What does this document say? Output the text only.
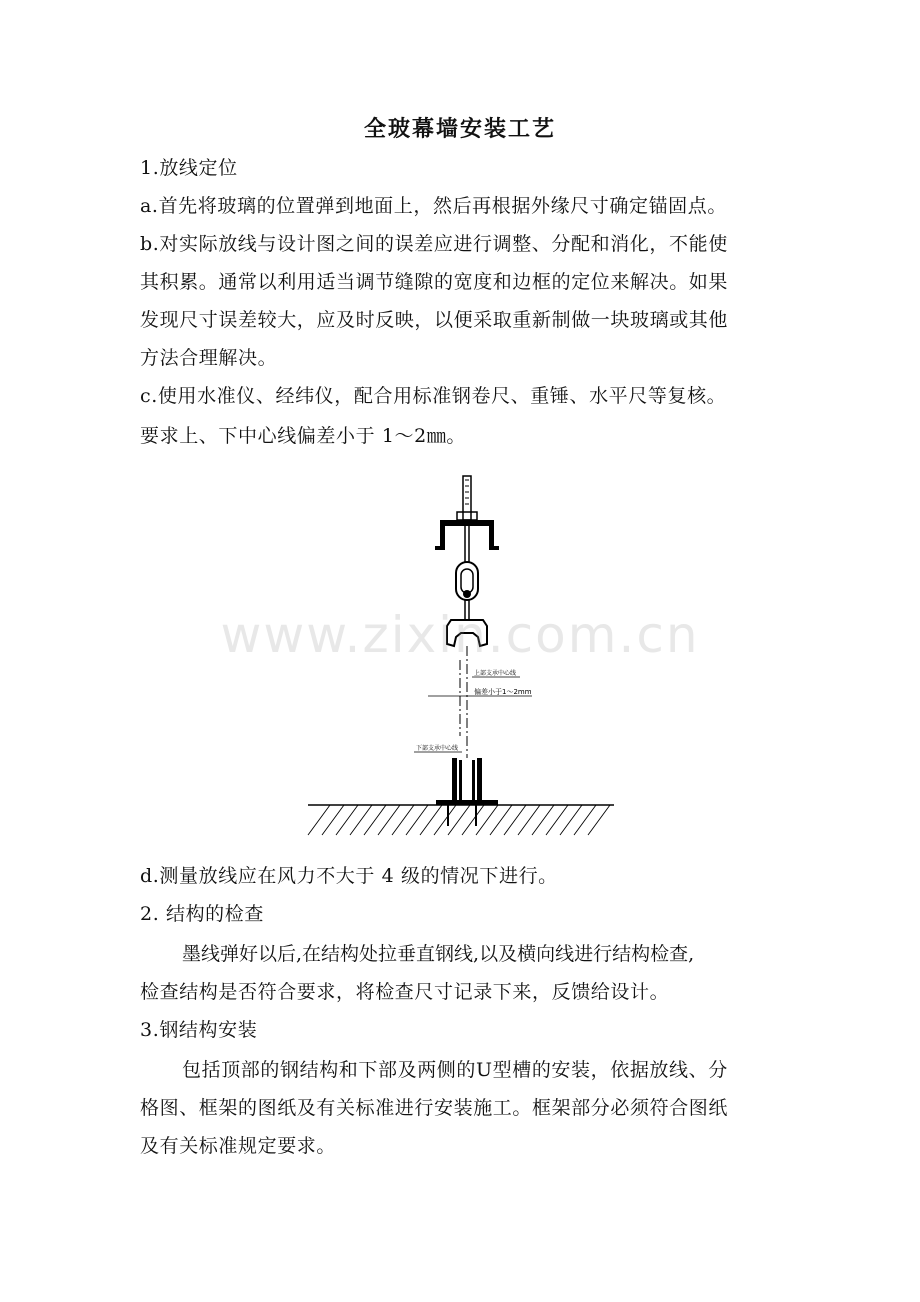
全玻幕墙安装工艺
1.放线定位
a.首先将玻璃的位置弹到地面上，然后再根据外缘尺寸确定锚固点。
b.对实际放线与设计图之间的误差应进行调整、分配和消化，不能使
其积累。通常以利用适当调节缝隙的宽度和边框的定位来解决。如果
发现尺寸误差较大，应及时反映，以便采取重新制做一块玻璃或其他
方法合理解决。
c.使用水准仪、经纬仪，配合用标准钢卷尺、重锤、水平尺等复核。
要求上、下中心线偏差小于 1～2㎜。
上部支承中心线
偏差小于1～2mm
下部支承中心线
www.zixin.com.cn
d.测量放线应在风力不大于 4 级的情况下进行。
2. 结构的检查
墨线弹好以后,在结构处拉垂直钢线,以及横向线进行结构检查,
检查结构是否符合要求，将检查尺寸记录下来，反馈给设计。
3.钢结构安装
包括顶部的钢结构和下部及两侧的U型槽的安装，依据放线、分
格图、框架的图纸及有关标准进行安装施工。框架部分必须符合图纸
及有关标准规定要求。
